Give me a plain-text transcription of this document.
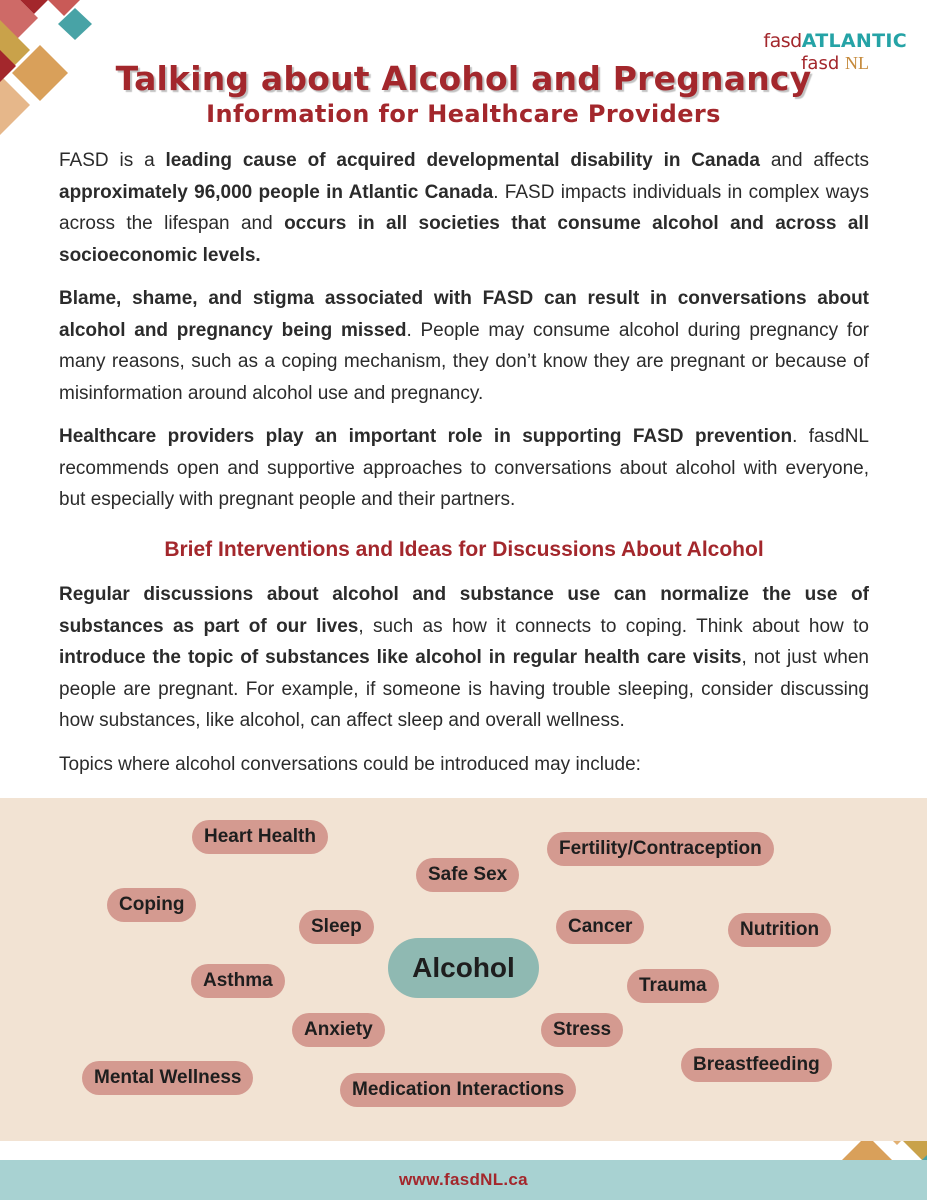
fasdATLANTIC
fasd NL
Talking about Alcohol and Pregnancy
Information for Healthcare Providers

FASD is a leading cause of acquired developmental disability in Canada and affects approximately 96,000 people in Atlantic Canada. FASD impacts individuals in complex ways across the lifespan and occurs in all societies that consume alcohol and across all socioeconomic levels.

Blame, shame, and stigma associated with FASD can result in conversations about alcohol and pregnancy being missed. People may consume alcohol during pregnancy for many reasons, such as a coping mechanism, they don’t know they are pregnant or because of misinformation around alcohol use and pregnancy.

Healthcare providers play an important role in supporting FASD prevention. fasdNL recommends open and supportive approaches to conversations about alcohol with everyone, but especially with pregnant people and their partners.

Brief Interventions and Ideas for Discussions About Alcohol

Regular discussions about alcohol and substance use can normalize the use of substances as part of our lives, such as how it connects to coping. Think about how to introduce the topic of substances like alcohol in regular health care visits, not just when people are pregnant. For example, if someone is having trouble sleeping, consider discussing how substances, like alcohol, can affect sleep and overall wellness.

Topics where alcohol conversations could be introduced may include:

Alcohol
Heart Health
Fertility/Contraception
Safe Sex
Coping
Sleep	Cancer	Nutrition
Asthma	Trauma
Anxiety	Stress
Breastfeeding
Mental Wellness
Medication Interactions
www.fasdNL.ca
